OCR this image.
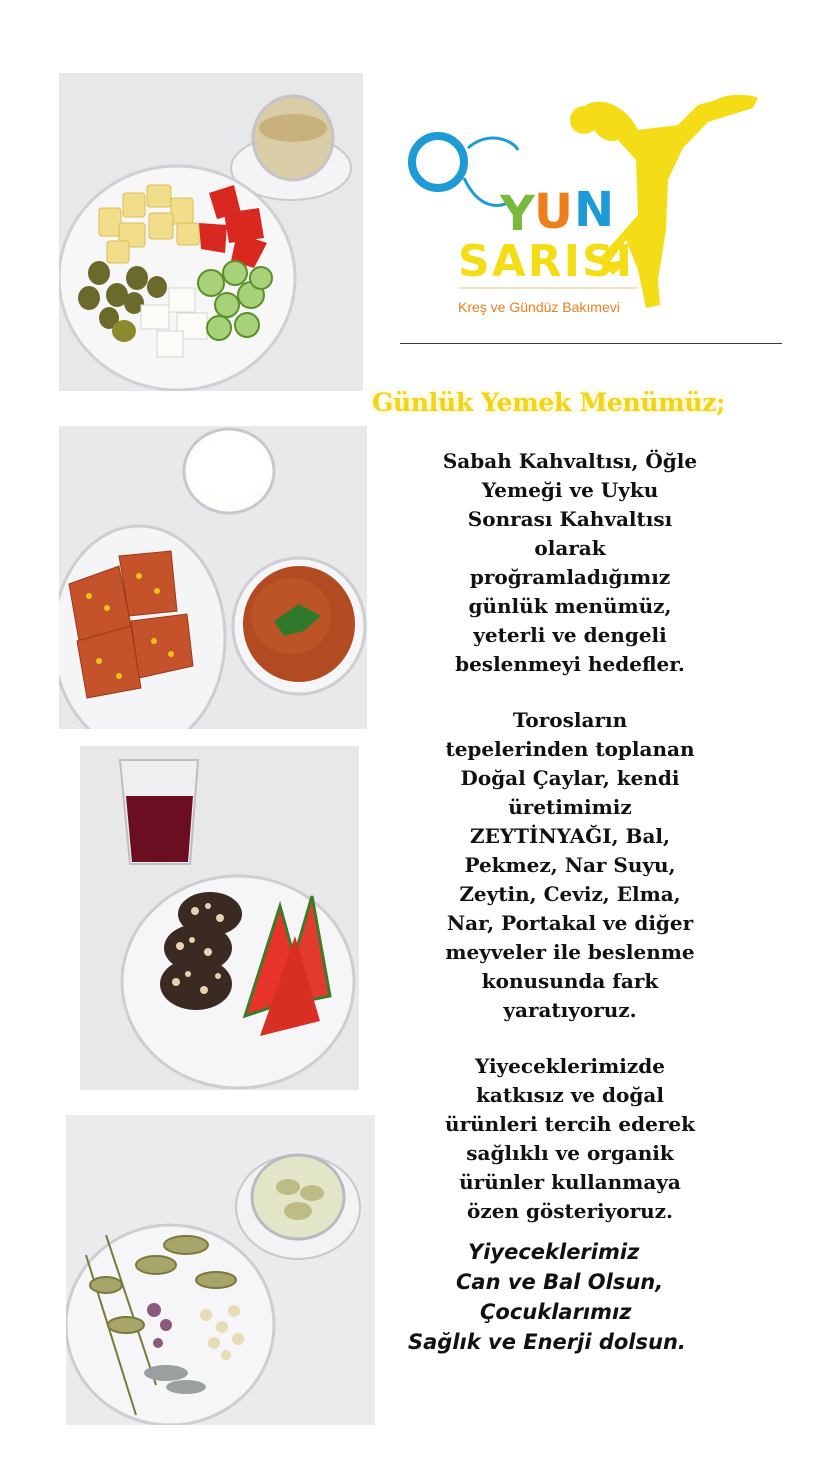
Y U N
SARISI
Kreş ve Gündüz Bakımevi
Günlük Yemek Menümüz;

Sabah Kahvaltısı, Öğle
Yemeği ve Uyku
Sonrası Kahvaltısı
olarak
proğramladığımız
günlük menümüz,
yeterli ve dengeli
beslenmeyi hedefler.

Torosların
tepelerinden toplanan
Doğal Çaylar, kendi
üretimimiz
ZEYTİNYAĞI, Bal,
Pekmez, Nar Suyu,
Zeytin, Ceviz, Elma,
Nar, Portakal ve diğer
meyveler ile beslenme
konusunda fark
yaratıyoruz.

Yiyeceklerimizde
katkısız ve doğal
ürünleri tercih ederek
sağlıklı ve organik
ürünler kullanmaya
özen gösteriyoruz.

Yiyeceklerimiz
Can ve Bal Olsun,
Çocuklarımız
Sağlık ve Enerji dolsun.
